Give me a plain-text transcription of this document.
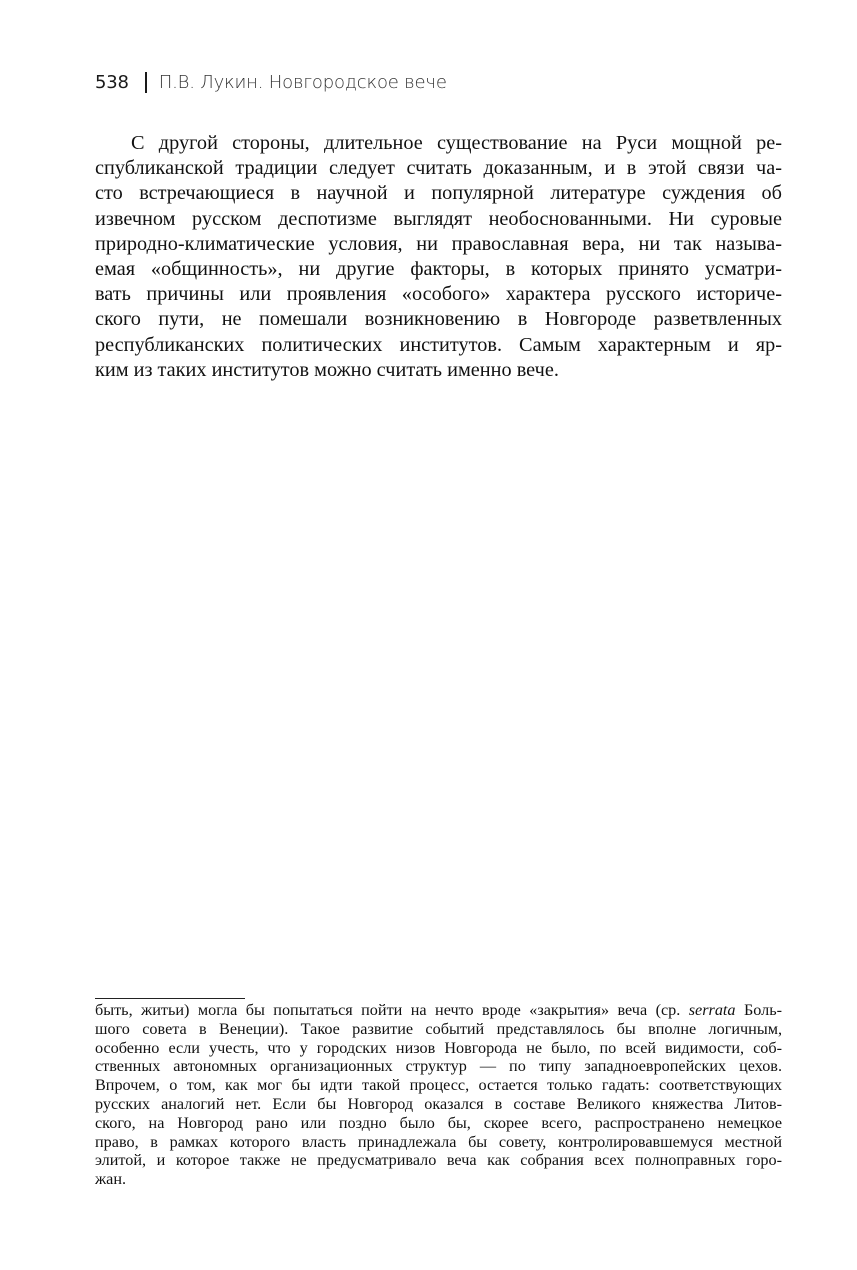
538 П.В. Лукин. Новгородское вече
С другой стороны, длительное существование на Руси мощной ре-
спубликанской традиции следует считать доказанным, и в этой связи ча-
сто встречающиеся в научной и популярной литературе суждения об
извечном русском деспотизме выглядят необоснованными. Ни суровые
природно-климатические условия, ни православная вера, ни так называ-
емая «общинность», ни другие факторы, в которых принято усматри-
вать причины или проявления «особого» характера русского историче-
ского пути, не помешали возникновению в Новгороде разветвленных
республиканских политических институтов. Самым характерным и яр-
ким из таких институтов можно считать именно вече.
быть, житьи) могла бы попытаться пойти на нечто вроде «закрытия» веча (ср. serrata Боль-
шого совета в Венеции). Такое развитие событий представлялось бы вполне логичным,
особенно если учесть, что у городских низов Новгорода не было, по всей видимости, соб-
ственных автономных организационных структур — по типу западноевропейских цехов.
Впрочем, о том, как мог бы идти такой процесс, остается только гадать: соответствующих
русских аналогий нет. Если бы Новгород оказался в составе Великого княжества Литов-
ского, на Новгород рано или поздно было бы, скорее всего, распространено немецкое
право, в рамках которого власть принадлежала бы совету, контролировавшемуся местной
элитой, и которое также не предусматривало веча как собрания всех полноправных горо-
жан.
